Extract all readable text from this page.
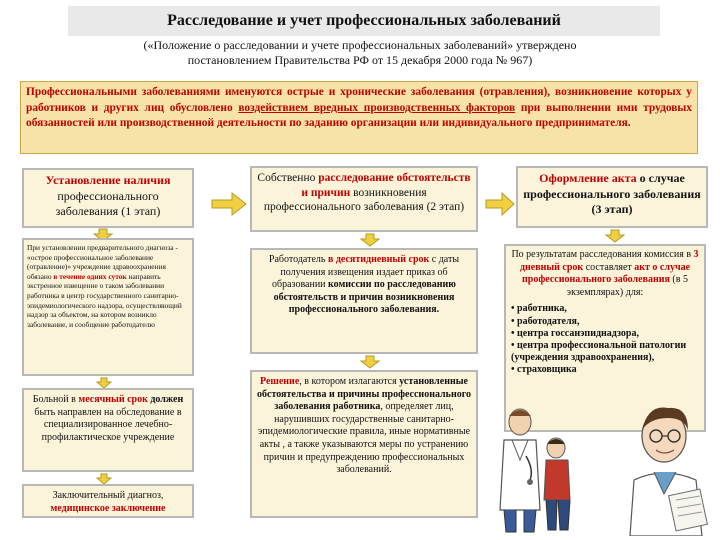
Расследование и учет профессиональных заболеваний
(«Положение о расследовании и учете профессиональных заболеваний» утверждено
постановлением Правительства РФ от 15 декабря 2000 года № 967)
Профессиональными заболеваниями именуются острые и хронические заболевания (отравления), возникновение которых у работников и других лиц обусловлено воздействием вредных производственных факторов при выполнении ими трудовых обязанностей или производственной деятельности по заданию организации или индивидуального предпринимателя.
Установление наличия
профессионального заболевания (1 этап)
При установлении предварительного диагноза - «острое профессиональное заболевание (отравление)» учреждение здравоохранения обязано в течение одних суток направить экстренное извещение о таком заболевании работника в центр государственного санитарно-эпидемиологического надзора, осуществляющий надзор за объектом, на котором возникло заболевание, и сообщение работодателю
Больной в месячный срок должен быть направлен на обследование в специализированное лечебно-профилактическое учреждение
Заключительный диагноз,
медицинское заключение
Собственно расследование обстоятельств и причин возникновения профессионального заболевания (2 этап)
Работодатель в десятидневный срок с даты получения извещения издает приказ об образовании комиссии по расследованию обстоятельств и причин возникновения профессионального заболевания.
Решение, в котором излагаются установленные обстоятельства и причины профессионального заболевания работника, определяет лиц, нарушивших государственные санитарно-эпидемиологические правила, иные нормативные акты , а также указываются меры по устранению причин и предупреждению профессиональных заболеваний.
Оформление акта о случае профессионального заболевания (3 этап)
По результатам расследования комиссия в 3 дневный срок составляет акт о случае профессионального заболевания (в 5 экземплярах) для:
• работника,
• работодателя,
• центра госсанэпиднадзора,
• центра профессиональной патологии (учреждения здравоохранения),
• страховщика
